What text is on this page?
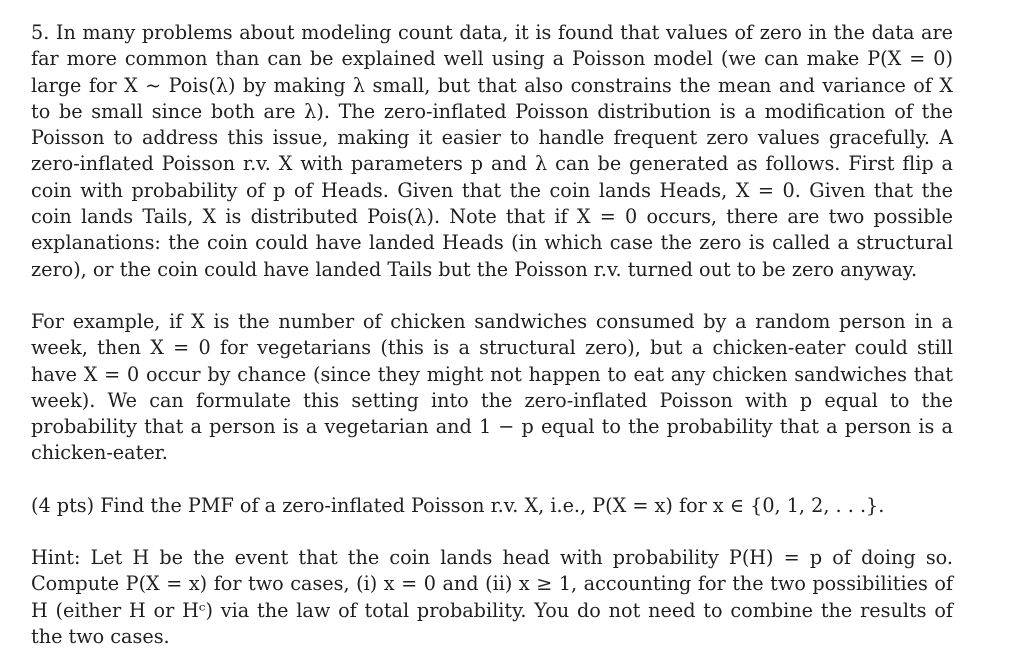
5. In many problems about modeling count data, it is found that values of zero in the data are far more common than can be explained well using a Poisson model (we can make P(X = 0) large for X ∼ Pois(λ) by making λ small, but that also constrains the mean and variance of X to be small since both are λ). The zero-inflated Poisson distribution is a modification of the Poisson to address this issue, making it easier to handle frequent zero values gracefully. A zero-inflated Poisson r.v. X with parameters p and λ can be generated as follows. First flip a coin with probability of p of Heads. Given that the coin lands Heads, X = 0. Given that the coin lands Tails, X is distributed Pois(λ). Note that if X = 0 occurs, there are two possible explanations: the coin could have landed Heads (in which case the zero is called a structural zero), or the coin could have landed Tails but the Poisson r.v. turned out to be zero anyway.

For example, if X is the number of chicken sandwiches consumed by a random person in a week, then X = 0 for vegetarians (this is a structural zero), but a chicken-eater could still have X = 0 occur by chance (since they might not happen to eat any chicken sandwiches that week). We can formulate this setting into the zero-inflated Poisson with p equal to the probability that a person is a vegetarian and 1 − p equal to the probability that a person is a chicken-eater.

(4 pts) Find the PMF of a zero-inflated Poisson r.v. X, i.e., P(X = x) for x ∈ {0, 1, 2, . . .}.

Hint: Let H be the event that the coin lands head with probability P(H) = p of doing so. Compute P(X = x) for two cases, (i) x = 0 and (ii) x ≥ 1, accounting for the two possibilities of H (either H or Hᶜ) via the law of total probability. You do not need to combine the results of the two cases.
